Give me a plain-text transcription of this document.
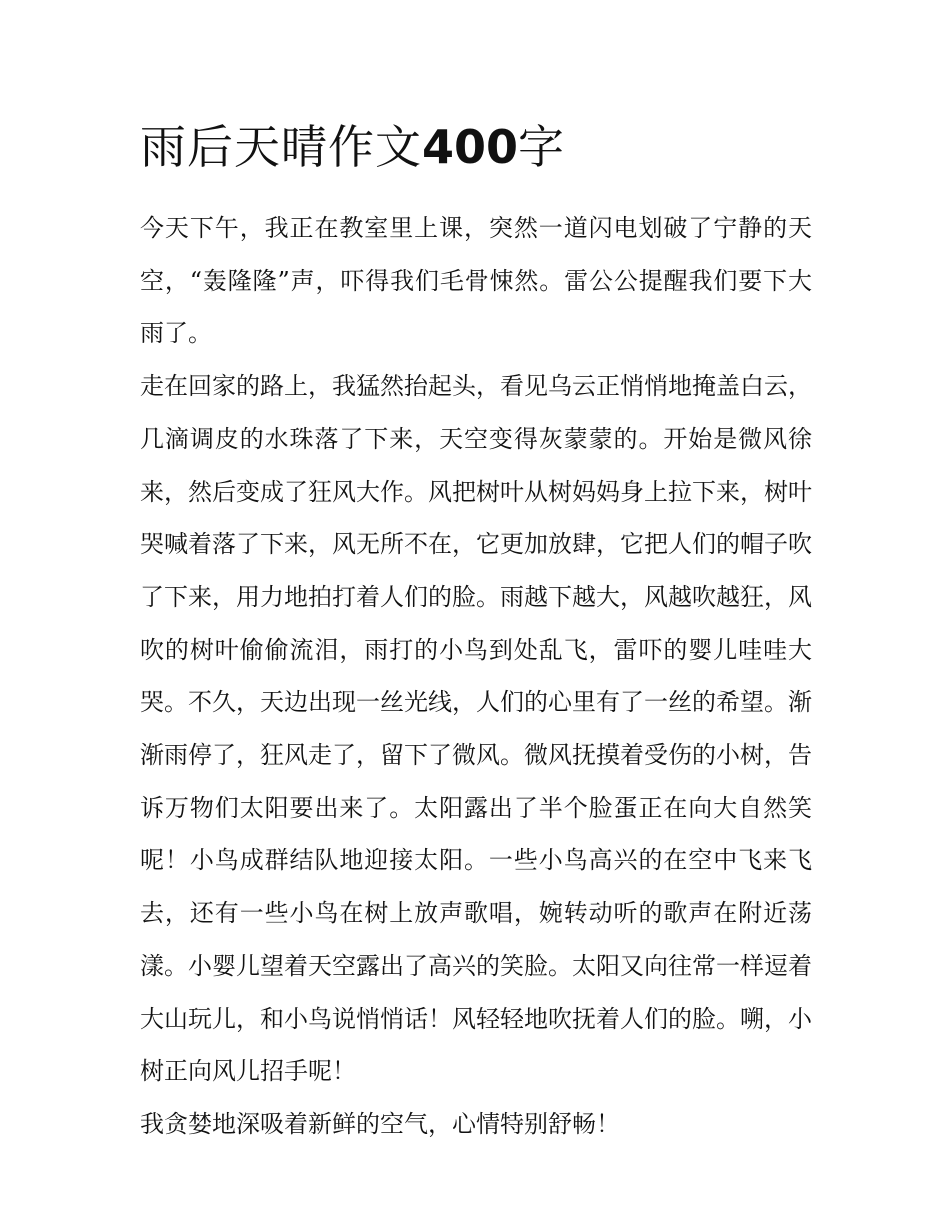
雨后天晴作文400字

今天下午，我正在教室里上课，突然一道闪电划破了宁静的天空，“轰隆隆”声，吓得我们毛骨悚然。雷公公提醒我们要下大雨了。

走在回家的路上，我猛然抬起头，看见乌云正悄悄地掩盖白云，几滴调皮的水珠落了下来，天空变得灰蒙蒙的。开始是微风徐来，然后变成了狂风大作。风把树叶从树妈妈身上拉下来，树叶哭喊着落了下来，风无所不在，它更加放肆，它把人们的帽子吹了下来，用力地拍打着人们的脸。雨越下越大，风越吹越狂，风吹的树叶偷偷流泪，雨打的小鸟到处乱飞，雷吓的婴儿哇哇大哭。不久，天边出现一丝光线，人们的心里有了一丝的希望。渐渐雨停了，狂风走了，留下了微风。微风抚摸着受伤的小树，告诉万物们太阳要出来了。太阳露出了半个脸蛋正在向大自然笑呢！小鸟成群结队地迎接太阳。一些小鸟高兴的在空中飞来飞去，还有一些小鸟在树上放声歌唱，婉转动听的歌声在附近荡漾。小婴儿望着天空露出了高兴的笑脸。太阳又向往常一样逗着大山玩儿，和小鸟说悄悄话！风轻轻地吹抚着人们的脸。嗍，小树正向风儿招手呢！

我贪婪地深吸着新鲜的空气，心情特别舒畅！
